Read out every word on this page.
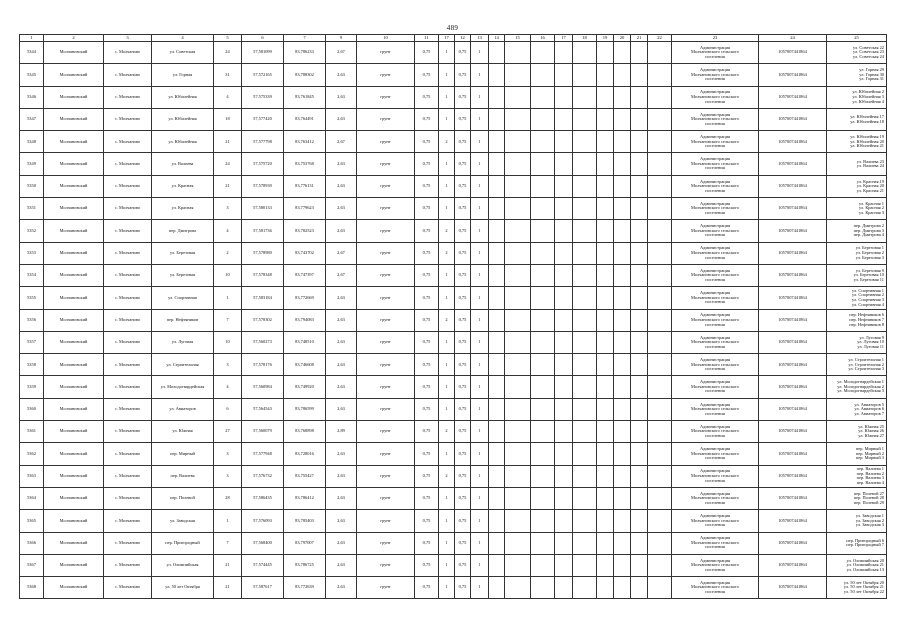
489
1	2	3	4	5	6	7	9	10	11	17	12	13	14	15	16	17	18	19	20	21	22	23	24	25
5344	Молчановский	с. Молчаново	ул. Советская	24	57,581099	83,786233	2,67	грунт	0,75	1	0,75	1										Администрация
Молчановского сельского
поселения	1057007441864	ул. Советская 22
ул. Советская 23
ул. Советская 24

5345	Молчановский	с. Молчаново	ул. Горная	31	57,572165	83,788302	2,63	грунт	0,75	1	0,75	1										Администрация
Молчановского сельского
поселения	1057007441864	ул. Горная 29
ул. Горная 30
ул. Горная 31

5346	Молчановский	с. Молчаново	ул. Юбилейная	4	57,575339	83,761845	2,63	грунт	0,75	1	0,75	1										Администрация
Молчановского сельского
поселения	1057007441864	ул. Юбилейная 2
ул. Юбилейная 3
ул. Юбилейная 4

5347	Молчановский	с. Молчаново	ул. Юбилейная	18	57,577420	83,764491	2,63	грунт	0,75	1	0,75	1										Администрация
Молчановского сельского
поселения	1057007441864	ул. Юбилейная 17
ул. Юбилейная 18

5348	Молчановский	с. Молчаново	ул. Юбилейная	21	57,577798	83,763412	2,67	грунт	0,75	2	0,75	1										Администрация
Молчановского сельского
поселения	1057007441864	ул. Юбилейная 19
ул. Юбилейная 20
ул. Юбилейная 21

5349	Молчановский	с. Молчаново	ул. Валиева	24	57,575720	83,753768	2,63	грунт	0,75	1	0,75	1										Администрация
Молчановского сельского
поселения	1057007441864	ул. Валиева 23
ул. Валиева 24

5350	Молчановский	с. Молчаново	ул. Красная	21	57,578939	83,776131	2,63	грунт	0,75	1	0,75	1										Администрация
Молчановского сельского
поселения	1057007441864	ул. Красная 19
ул. Красная 20
ул. Красная 21

5351	Молчановский	с. Молчаново	ул. Красная	3	57,580133	83,779623	2,63	грунт	0,75	1	0,75	1										Администрация
Молчановского сельского
поселения	1057007441864	ул. Красная 1
ул. Красная 2
ул. Красная 3

5352	Молчановский	с. Молчаново	пер. Дмитрова	4	57,581736	83,782523	2,63	грунт	0,75	2	0,75	1										Администрация
Молчановского сельского
поселения	1057007441864	пер. Дмитрова 2
пер. Дмитрова 3
пер. Дмитрова 4

5353	Молчановский	с. Молчаново	ул. Березовая	2	57,578980	83,743702	2,67	грунт	0,75	2	0,75	1										Администрация
Молчановского сельского
поселения	1057007441864	ул. Березовая 1
ул. Березовая 2
ул. Березовая 3

5354	Молчановский	с. Молчаново	ул. Березовая	10	57,578348	83,747397	2,67	грунт	0,75	1	0,75	1										Администрация
Молчановского сельского
поселения	1057007441864	ул. Березовая 9
ул. Березовая 10
ул. Березовая 11

5355	Молчановский	с. Молчаново	ул. Спортивная	1	57,583184	83,772669	2,63	грунт	0,75	1	0,75	1										Администрация
Молчановского сельского
поселения	1057007441864	ул. Спортивная 1
ул. Спортивная 2
ул. Спортивная 3
ул. Спортивная 4

5356	Молчановский	с. Молчаново	пер. Нефтяников	7	57,578302	83,794083	2,63	грунт	0,75	2	0,75	1										Администрация
Молчановского сельского
поселения	1057007441864	пер. Нефтяников 6
пер. Нефтяников 7
пер. Нефтяников 8

5357	Молчановский	с. Молчаново	ул. Луговая	10	57,560273	83,748510	2,63	грунт	0,75	1	0,75	1										Администрация
Молчановского сельского
поселения	1057007441864	ул. Луговая 9
ул. Луговая 10
ул. Луговая 11

5358	Молчановский	с. Молчаново	ул. Строительная	3	57,578176	83,746608	2,63	грунт	0,75	1	0,75	1										Администрация
Молчановского сельского
поселения	1057007441864	ул. Строительная 1
ул. Строительная 2
ул. Строительная 3

5359	Молчановский	с. Молчаново	ул. Молодогвардейская	4	57,560984	83,749920	2,63	грунт	0,75	1	0,75	1										Администрация
Молчановского сельского
поселения	1057007441864	ул. Молодогвардейская 1
ул. Молодогвардейская 2
ул. Молодогвардейская 3

5360	Молчановский	с. Молчаново	ул. Авиаторов	6	57,564543	83,786599	2,63	грунт	0,75	1	0,75	1										Администрация
Молчановского сельского
поселения	1057007441864	ул. Авиаторов 5
ул. Авиаторов 6
ул. Авиаторов 7

5361	Молчановский	с. Молчаново	ул. Южная	27	57,560079	83,768898	2,89	грунт	0,75	2	0,75	1										Администрация
Молчановского сельского
поселения	1057007441864	ул. Южная 25
ул. Южная 26
ул. Южная 27

5362	Молчановский	с. Молчаново	пер. Мирный	3	57,577948	83,728016	2,63	грунт	0,75	1	0,75	1										Администрация
Молчановского сельского
поселения	1057007441864	пер. Мирный 1
пер. Мирный 2
пер. Мирный 3

5363	Молчановский	с. Молчаново	пер. Валиева	3	57,576732	83,755427	2,63	грунт	0,75	2	0,75	1										Администрация
Молчановского сельского
поселения	1057007441864	пер. Валиева 1
пер. Валиева 2
пер. Валиева 3
пер. Валиева 4

5364	Молчановский	с. Молчаново	пер. Полевой	28	57,586435	83,786412	2,63	грунт	0,75	1	0,75	1										Администрация
Молчановского сельского
поселения	1057007441864	пер. Полевой 27
пер. Полевой 28
пер. Полевой 29

5365	Молчановский	с. Молчаново	ул. Заводская	1	57,576093	83,785403	2,63	грунт	0,75	1	0,75	1										Администрация
Молчановского сельского
поселения	1057007441864	ул. Заводская 1
ул. Заводская 2
ул. Заводская 3

5366	Молчановский	с. Молчаново	пер. Пригородный	7	57,568400	83,797007	2,63	грунт	0,75	1	0,75	1										Администрация
Молчановского сельского
поселения	1057007441864	пер. Пригородный 6
пер. Пригородный 7

5367	Молчановский	с. Молчаново	ул. Олимпийская	21	57,574445	83,786725	2,63	грунт	0,75	1	0,75	1										Администрация
Молчановского сельского
поселения	1057007441864	ул. Олимпийская 20
ул. Олимпийская 21
ул. Олимпийская 13

5368	Молчановский	с. Молчаново	ул. 50 лет Октября	21	57,587617	83,772639	2,63	грунт	0,75	1	0,75	1										Администрация
Молчановского сельского
поселения	1057007441864	ул. 50 лет Октября 20
ул. 50 лет Октября 21
ул. 50 лет Октября 22
